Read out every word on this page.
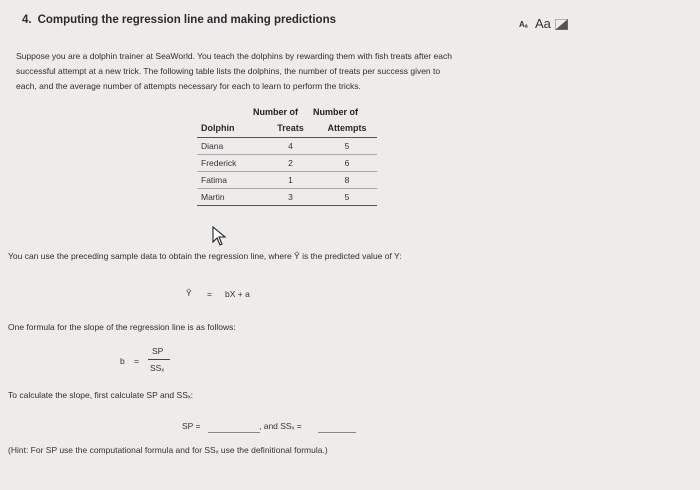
4. Computing the regression line and making predictions	Aₐ Aa
Suppose you are a dolphin trainer at SeaWorld. You teach the dolphins by rewarding them with fish treats after each
successful attempt at a new trick. The following table lists the dolphins, the number of treats per success given to
each, and the average number of attempts necessary for each to learn to perform the tricks.
Number of Number of
Dolphin	Treats	Attempts
Diana	4	5
Frederick	2	6
Fatima	1	8
Martin	3	5
You can use the preceding sample data to obtain the regression line, where Ŷ is the predicted value of Y:
Ŷ = bX + a
One formula for the slope of the regression line is as follows:
b =
SP
SSₓ
To calculate the slope, first calculate SP and SSₓ:
SP =	, and SSₓ =
(Hint: For SP use the computational formula and for SSₓ use the definitional formula.)
